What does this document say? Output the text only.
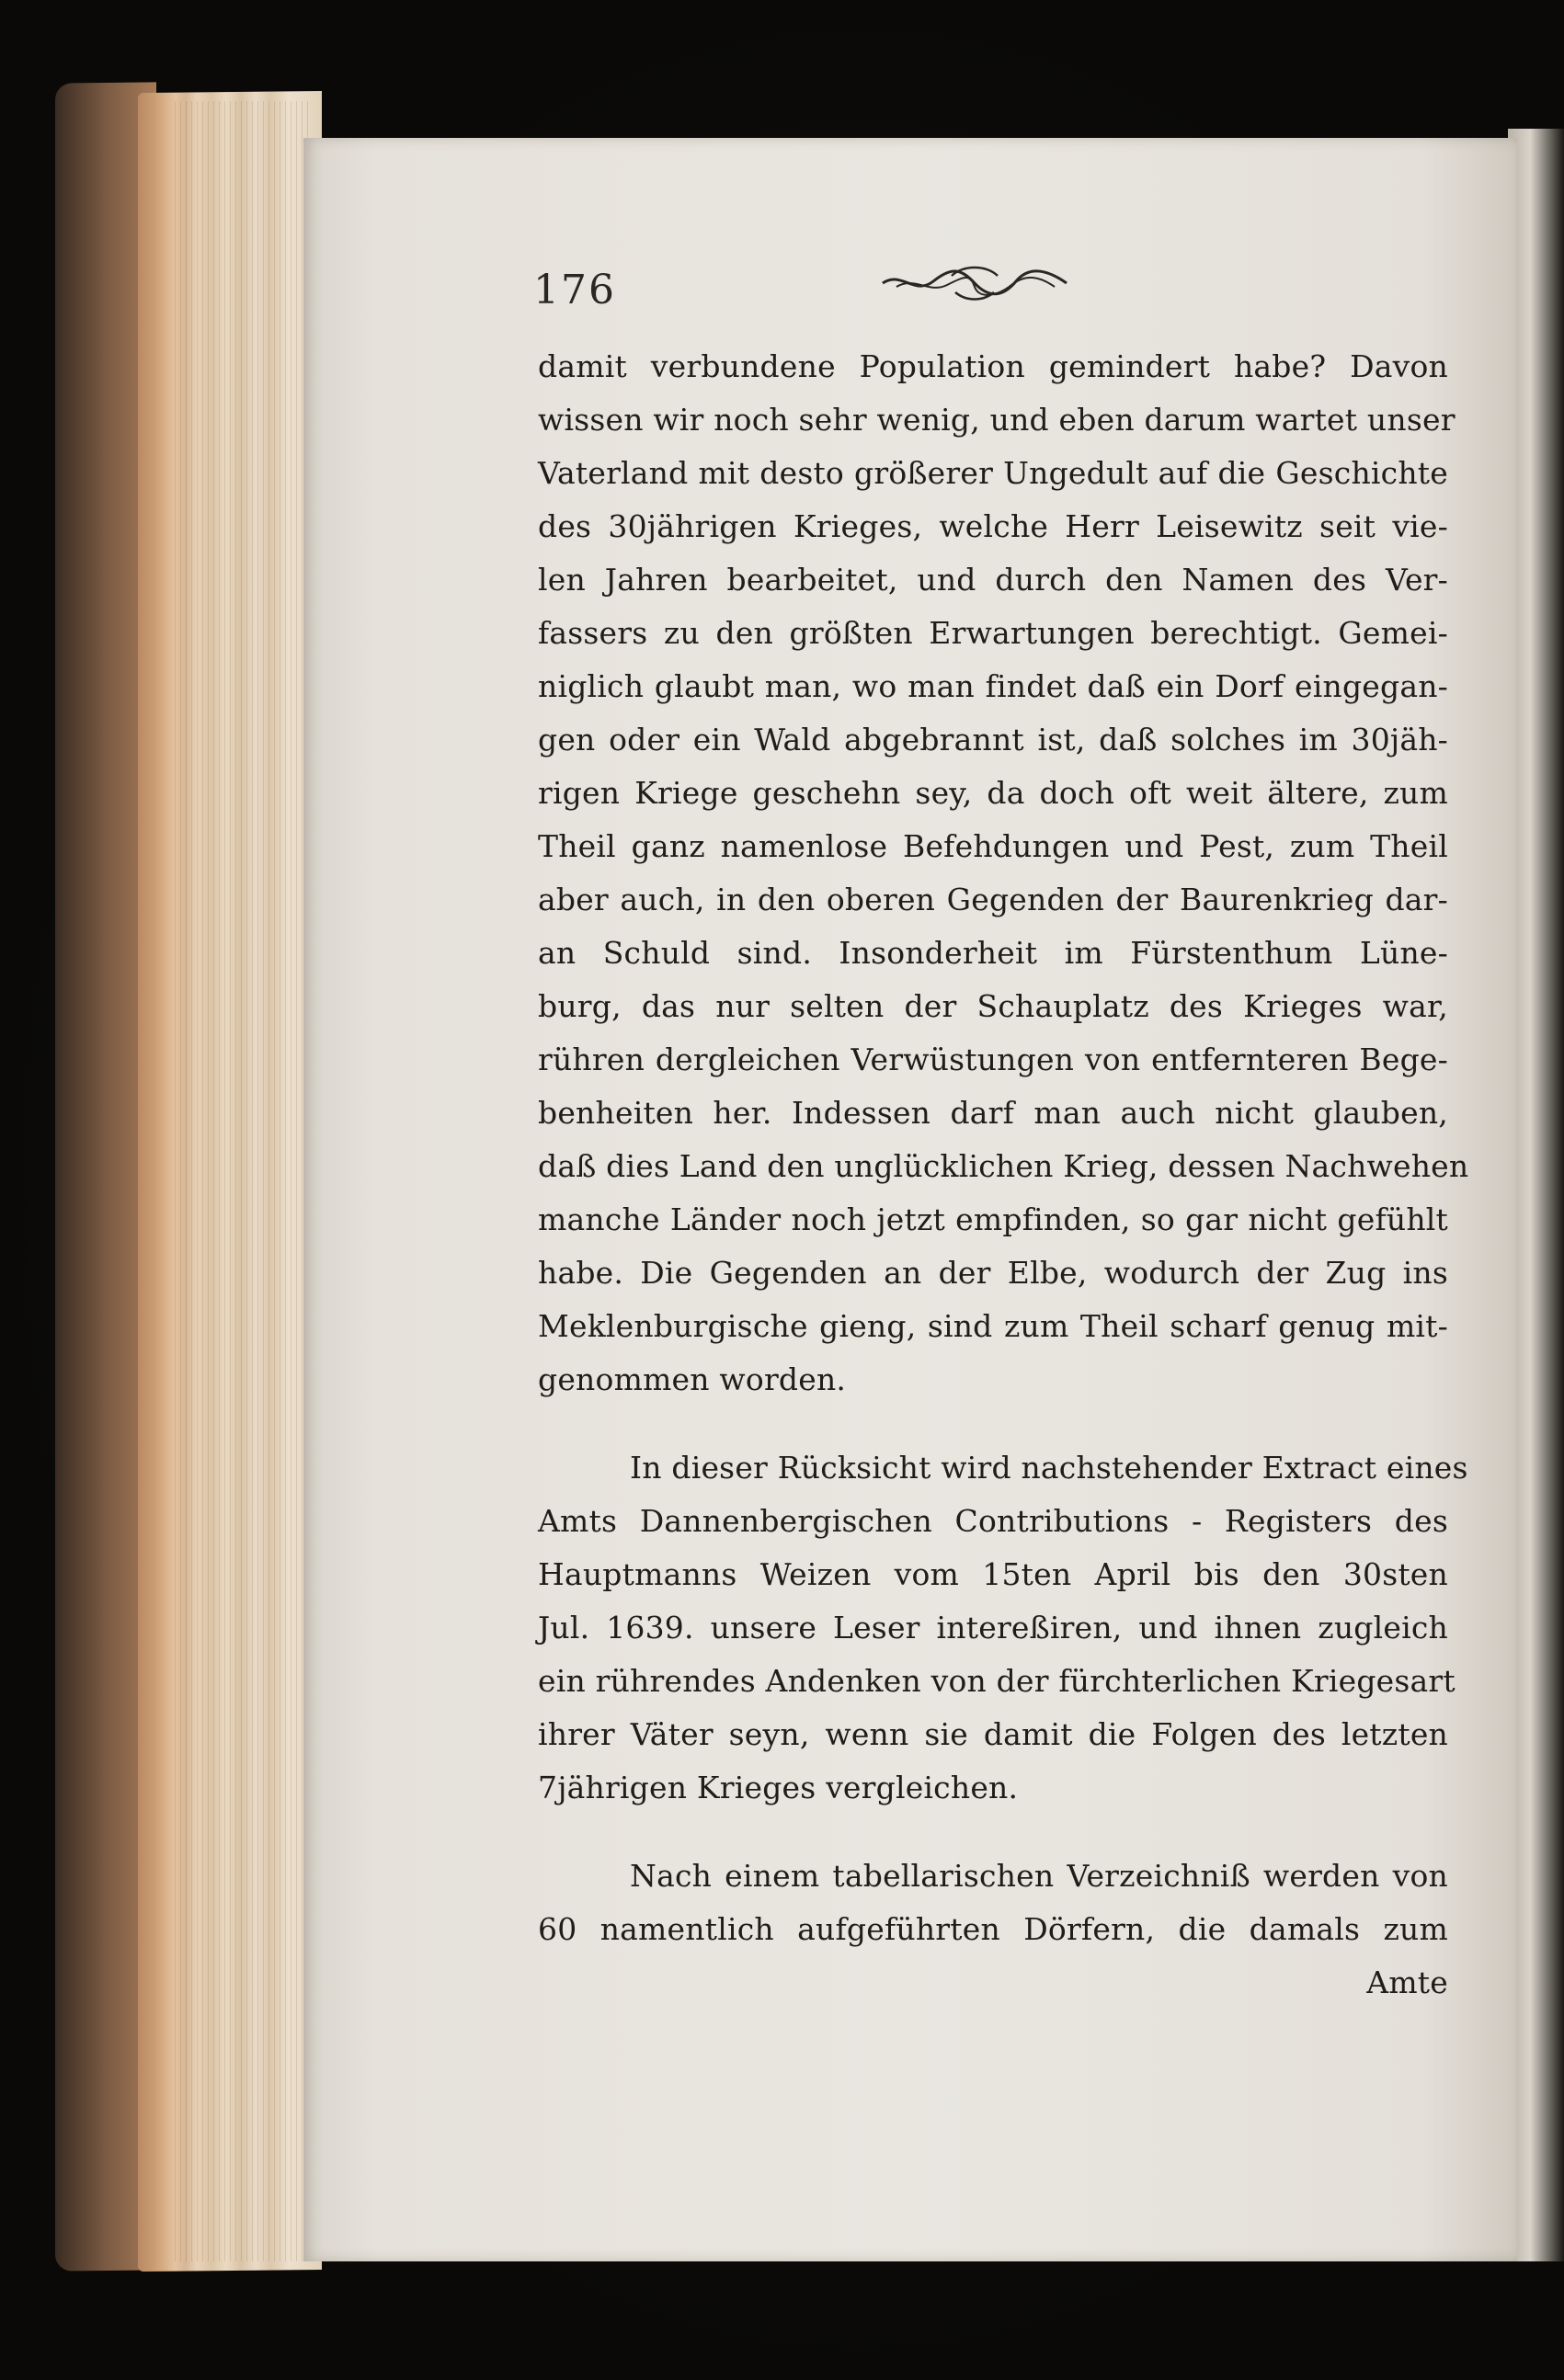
176
damit verbundene Population gemindert habe? Davon
wissen wir noch sehr wenig, und eben darum wartet unser
Vaterland mit desto größerer Ungedult auf die Geschichte
des 30jährigen Krieges, welche Herr Leisewitz seit vie-
len Jahren bearbeitet, und durch den Namen des Ver-
fassers zu den größten Erwartungen berechtigt. Gemei-
niglich glaubt man, wo man findet daß ein Dorf eingegan-
gen oder ein Wald abgebrannt ist, daß solches im 30jäh-
rigen Kriege geschehn sey, da doch oft weit ältere, zum
Theil ganz namenlose Befehdungen und Pest, zum Theil
aber auch, in den oberen Gegenden der Baurenkrieg dar-
an Schuld sind. Insonderheit im Fürstenthum Lüne-
burg, das nur selten der Schauplatz des Krieges war,
rühren dergleichen Verwüstungen von entfernteren Bege-
benheiten her. Indessen darf man auch nicht glauben,
daß dies Land den unglücklichen Krieg, dessen Nachwehen
manche Länder noch jetzt empfinden, so gar nicht gefühlt
habe. Die Gegenden an der Elbe, wodurch der Zug ins
Meklenburgische gieng, sind zum Theil scharf genug mit-
genommen worden.
In dieser Rücksicht wird nachstehender Extract eines
Amts Dannenbergischen Contributions - Registers des
Hauptmanns Weizen vom 15ten April bis den 30sten
Jul. 1639. unsere Leser intereßiren, und ihnen zugleich
ein rührendes Andenken von der fürchterlichen Kriegesart
ihrer Väter seyn, wenn sie damit die Folgen des letzten
7jährigen Krieges vergleichen.
Nach einem tabellarischen Verzeichniß werden von
60 namentlich aufgeführten Dörfern, die damals zum
Amte
